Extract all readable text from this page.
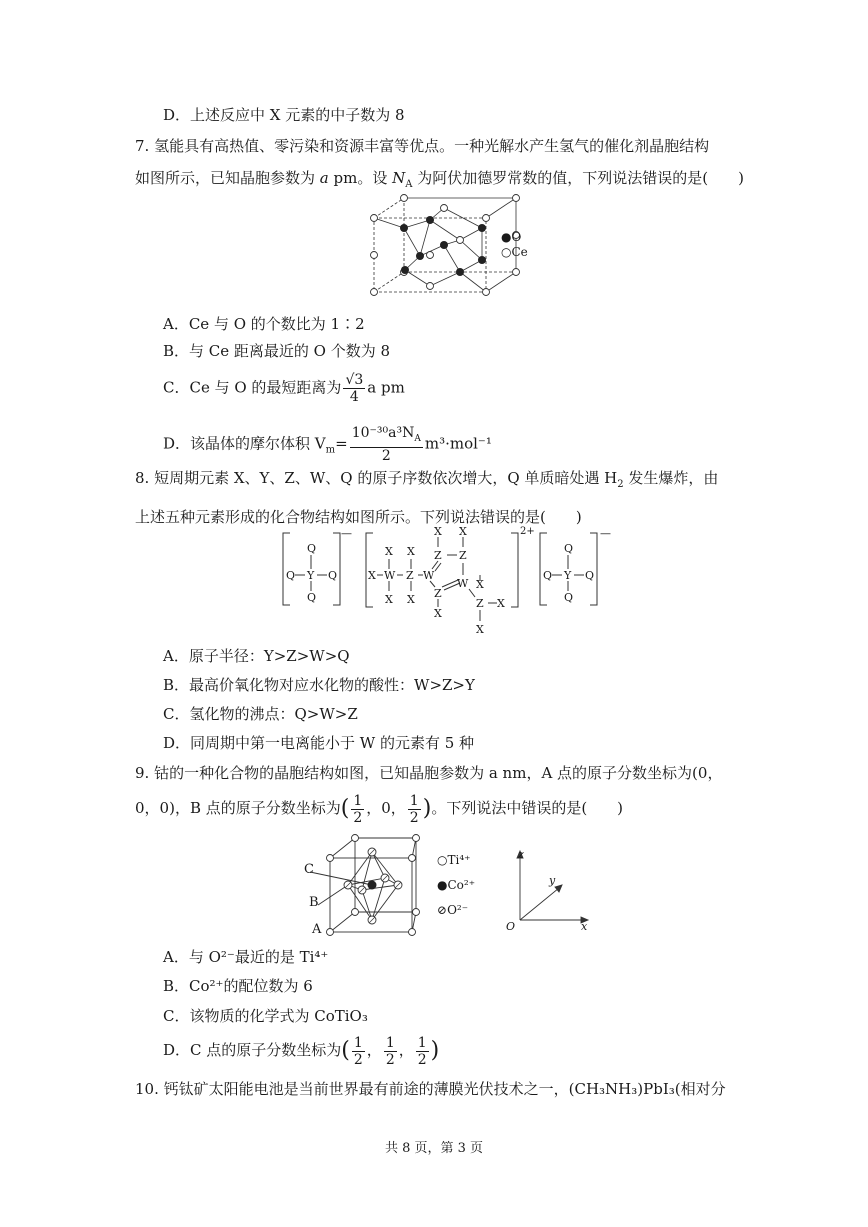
D．上述反应中 X 元素的中子数为 8
7. 氢能具有高热值、零污染和资源丰富等优点。一种光解水产生氢气的催化剂晶胞结构
如图所示，已知晶胞参数为 a pm。设 $N_A$ 为阿伏加德罗常数的值，下列说法错误的是(　　)
●O
○Ce
A．Ce 与 O 的个数比为 1∶2
B．与 Ce 距离最近的 O 个数为 8
C．Ce 与 O 的最短距离为 $\frac{√3}{4}$ a pm
D．该晶体的摩尔体积 $V_m= \frac{10^{-30}a^3N_A}{2} m^3\cdot mol^{-1}$
8. 短周期元素 X、Y、Z、W、Q 的原子序数依次增大，Q 单质暗处遇 $H_2$ 发生爆炸，由
上述五种元素形成的化合物结构如图所示。下列说法错误的是(　　)
Q
Y
Q	Q
Q
Q
Y
Q	Q
Q
X W Z W
X X
X X
X X
Z Z
Z
W
X
X
Z X
X
—	2+	—
A．原子半径：Y>Z>W>Q
B．最高价氧化物对应水化物的酸性：W>Z>Y
C．氢化物的沸点：Q>W>Z
D．同周期中第一电离能小于 W 的元素有 5 种
9. 钴的一种化合物的晶胞结构如图，已知晶胞参数为 a nm，A 点的原子分数坐标为(0，
0，0)，B 点的原子分数坐标为( $\frac{1}{2}$ ，0， $\frac{1}{2}$ )。下列说法中错误的是(　　)
C
B
A
○Ti⁴⁺
●Co²⁺
⊘O²⁻
z
y
x
O
A．与 O²⁻最近的是 Ti⁴⁺
B．Co²⁺的配位数为 6
C．该物质的化学式为 CoTiO₃
D．C 点的原子分数坐标为( $\frac{1}{2}$ ， $\frac{1}{2}$ ， $\frac{1}{2}$ )
10. 钙钛矿太阳能电池是当前世界最有前途的薄膜光伏技术之一，(CH₃NH₃)PbI₃(相对分
共 8 页，第 3 页
